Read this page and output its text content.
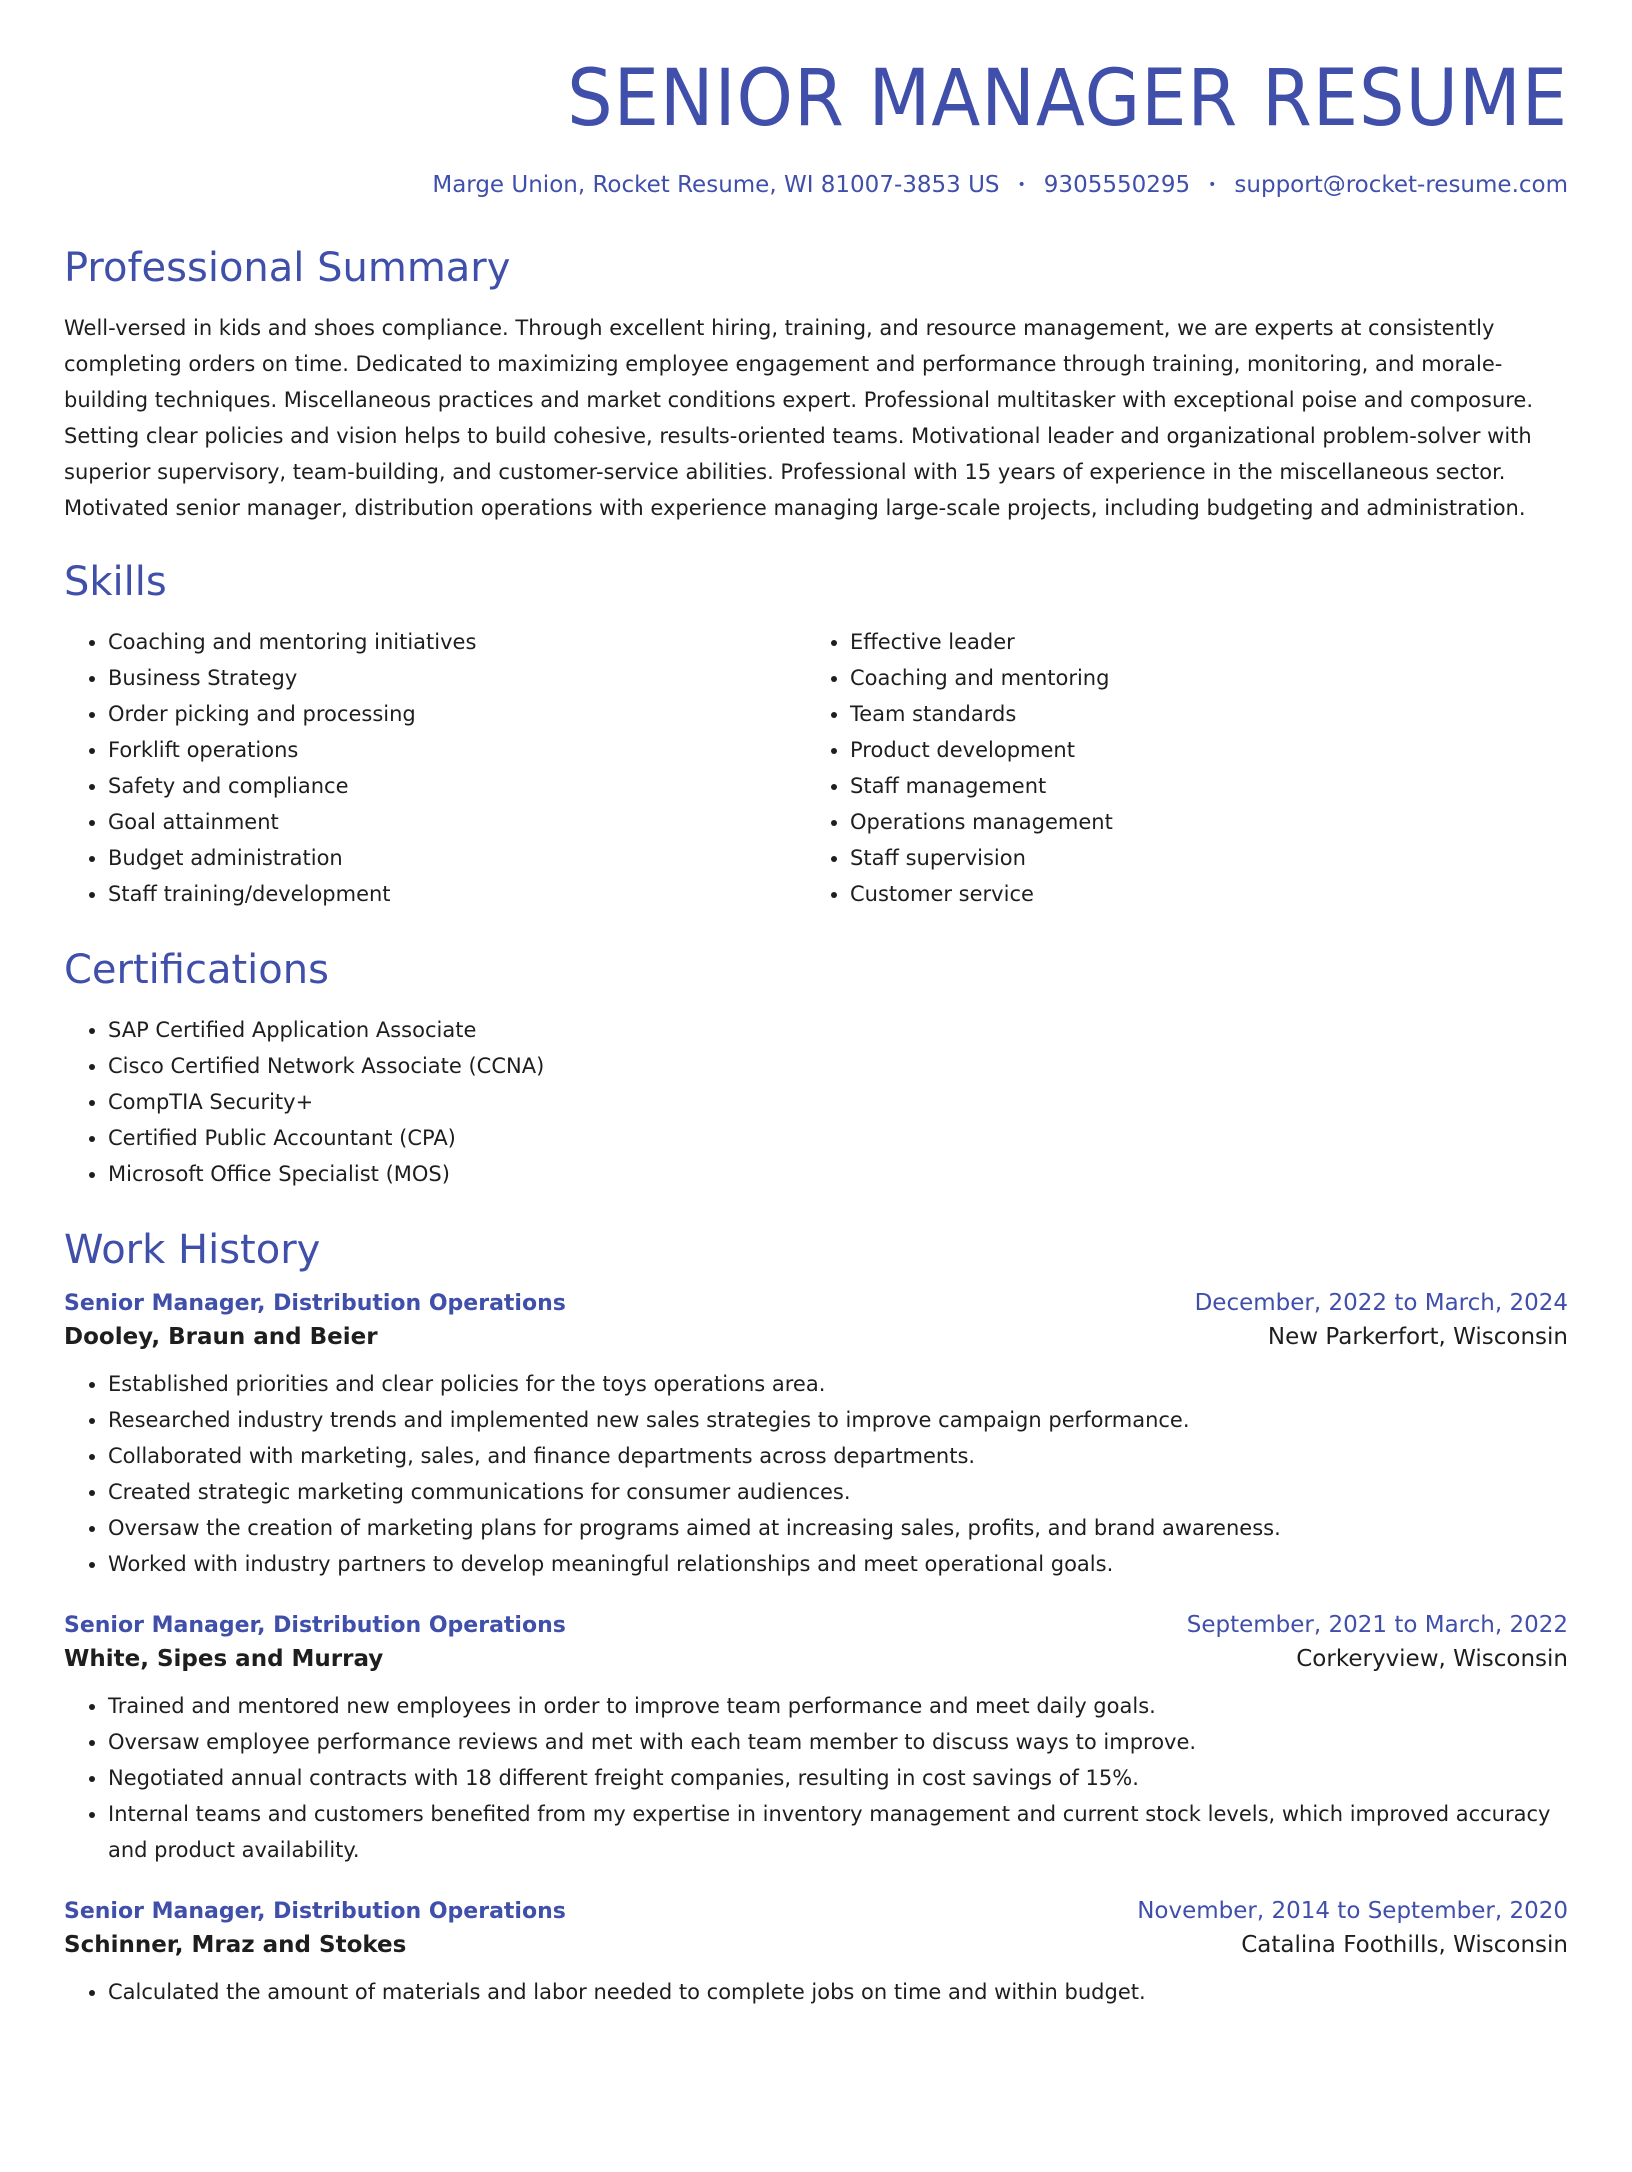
SENIOR MANAGER RESUME
Marge Union, Rocket Resume, WI 81007-3853 US • 9305550295 • support@rocket-resume.com
Professional Summary

Well-versed in kids and shoes compliance. Through excellent hiring, training, and resource management, we are experts at consistently completing orders on time. Dedicated to maximizing employee engagement and performance through training, monitoring, and morale-building techniques. Miscellaneous practices and market conditions expert. Professional multitasker with exceptional poise and composure. Setting clear policies and vision helps to build cohesive, results-oriented teams. Motivational leader and organizational problem-solver with superior supervisory, team-building, and customer-service abilities. Professional with 15 years of experience in the miscellaneous sector. Motivated senior manager, distribution operations with experience managing large-scale projects, including budgeting and administration.

Skills
• Coaching and mentoring initiatives
• Business Strategy
• Order picking and processing
• Forklift operations
• Safety and compliance
• Goal attainment
• Budget administration
• Staff training/development
• Effective leader
• Coaching and mentoring
• Team standards
• Product development
• Staff management
• Operations management
• Staff supervision
• Customer service
Certifications
• SAP Certified Application Associate
• Cisco Certified Network Associate (CCNA)
• CompTIA Security+
• Certified Public Accountant (CPA)
• Microsoft Office Specialist (MOS)
Work History
Senior Manager, Distribution Operations	December, 2022 to March, 2024
Dooley, Braun and Beier	New Parkerfort, Wisconsin
• Established priorities and clear policies for the toys operations area.
• Researched industry trends and implemented new sales strategies to improve campaign performance.
• Collaborated with marketing, sales, and finance departments across departments.
• Created strategic marketing communications for consumer audiences.
• Oversaw the creation of marketing plans for programs aimed at increasing sales, profits, and brand awareness.
• Worked with industry partners to develop meaningful relationships and meet operational goals.
Senior Manager, Distribution Operations	September, 2021 to March, 2022
White, Sipes and Murray	Corkeryview, Wisconsin
• Trained and mentored new employees in order to improve team performance and meet daily goals.
• Oversaw employee performance reviews and met with each team member to discuss ways to improve.
• Negotiated annual contracts with 18 different freight companies, resulting in cost savings of 15%.
• Internal teams and customers benefited from my expertise in inventory management and current stock levels, which improved accuracy and product availability.
Senior Manager, Distribution Operations	November, 2014 to September, 2020
Schinner, Mraz and Stokes	Catalina Foothills, Wisconsin
• Calculated the amount of materials and labor needed to complete jobs on time and within budget.
